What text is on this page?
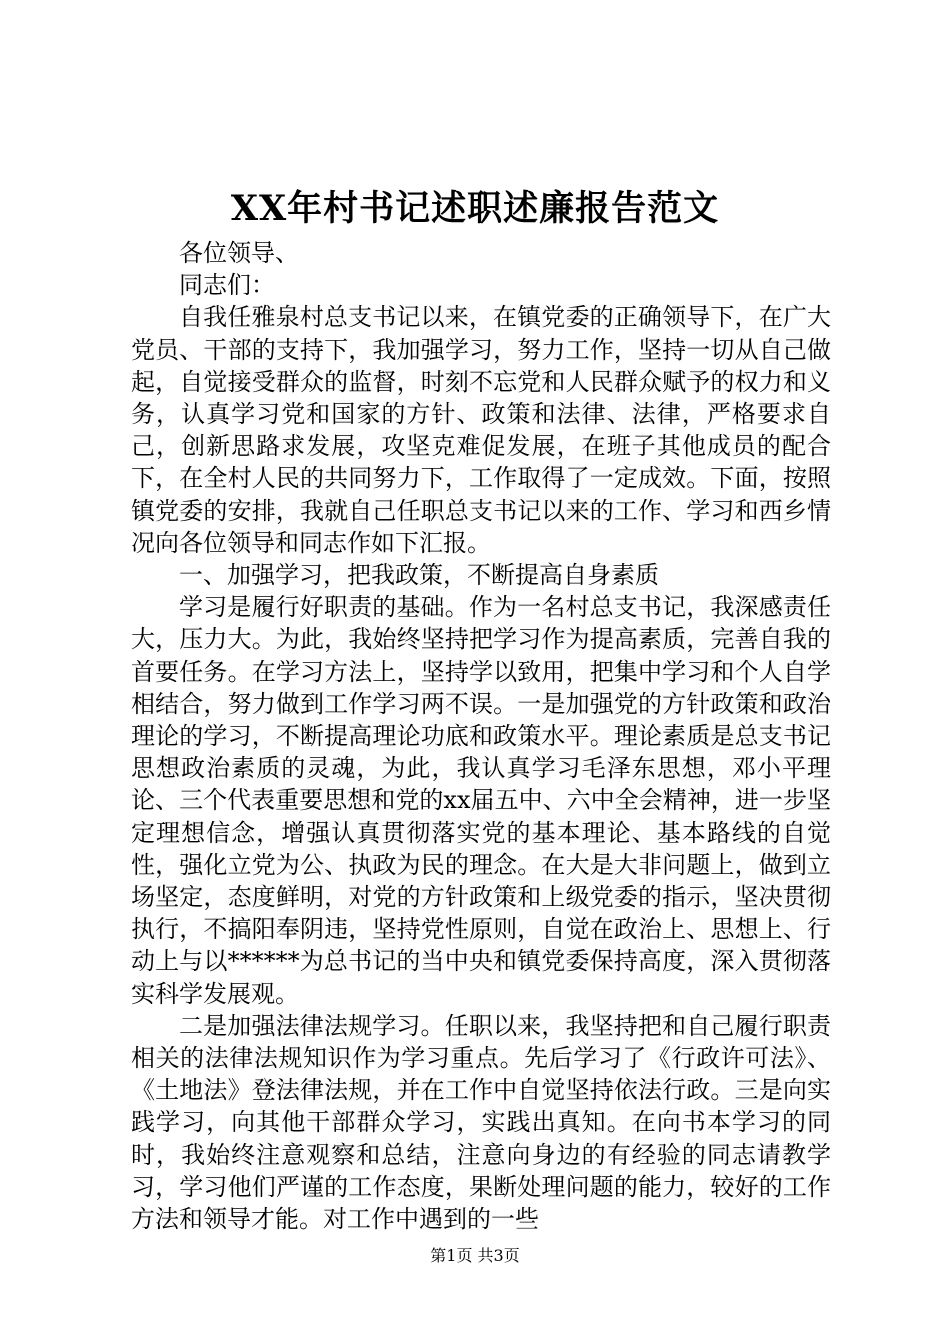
XX年村书记述职述廉报告范文

各位领导、

同志们：

自我任雅泉村总支书记以来，在镇党委的正确领导下，在广大党员、干部的支持下，我加强学习，努力工作，坚持一切从自己做起，自觉接受群众的监督，时刻不忘党和人民群众赋予的权力和义务，认真学习党和国家的方针、政策和法律、法律，严格要求自己，创新思路求发展，攻坚克难促发展，在班子其他成员的配合下，在全村人民的共同努力下，工作取得了一定成效。下面，按照镇党委的安排，我就自己任职总支书记以来的工作、学习和西乡情况向各位领导和同志作如下汇报。

一、加强学习，把我政策，不断提高自身素质

学习是履行好职责的基础。作为一名村总支书记，我深感责任大，压力大。为此，我始终坚持把学习作为提高素质，完善自我的首要任务。在学习方法上，坚持学以致用，把集中学习和个人自学相结合，努力做到工作学习两不误。一是加强党的方针政策和政治理论的学习，不断提高理论功底和政策水平。理论素质是总支书记思想政治素质的灵魂，为此，我认真学习毛泽东思想，邓小平理论、三个代表重要思想和党的xx届五中、六中全会精神，进一步坚定理想信念，增强认真贯彻落实党的基本理论、基本路线的自觉性，强化立党为公、执政为民的理念。在大是大非问题上，做到立场坚定，态度鲜明，对党的方针政策和上级党委的指示，坚决贯彻执行，不搞阳奉阴违，坚持党性原则，自觉在政治上、思想上、行动上与以******为总书记的当中央和镇党委保持高度，深入贯彻落实科学发展观。

二是加强法律法规学习。任职以来，我坚持把和自己履行职责相关的法律法规知识作为学习重点。先后学习了《行政许可法》、《土地法》登法律法规，并在工作中自觉坚持依法行政。三是向实践学习，向其他干部群众学习，实践出真知。在向书本学习的同时，我始终注意观察和总结，注意向身边的有经验的同志请教学习，学习他们严谨的工作态度，果断处理问题的能力，较好的工作方法和领导才能。对工作中遇到的一些

第1页 共3页
